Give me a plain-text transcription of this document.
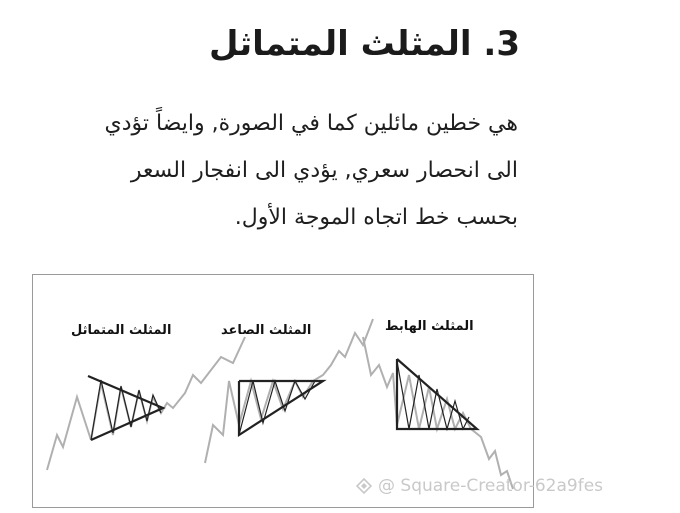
3. المثلث المتماثل

هي خطين مائلين كما في الصورة, وايضاً تؤدي
الى انحصار سعري, يؤدي الى انفجار السعر
بحسب خط اتجاه الموجة الأول.

المثلث المتماثل	المثلث الصاعد	المثلث الهابط
@ Square-Creator-62a9fes
